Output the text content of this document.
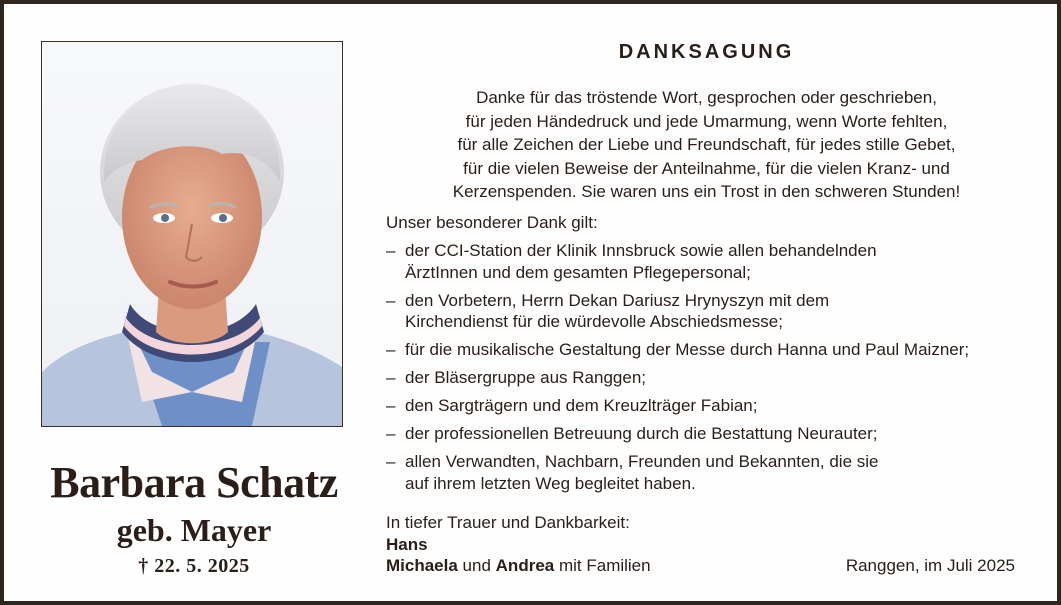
Barbara Schatz
geb. Mayer
† 22. 5. 2025
DANKSAGUNG
Danke für das tröstende Wort, gesprochen oder geschrieben,
für jeden Händedruck und jede Umarmung, wenn Worte fehlten,
für alle Zeichen der Liebe und Freundschaft, für jedes stille Gebet,
für die vielen Beweise der Anteilnahme, für die vielen Kranz- und
Kerzenspenden. Sie waren uns ein Trost in den schweren Stunden!
Unser besonderer Dank gilt:
– der CCI-Station der Klinik Innsbruck sowie allen behandelnden
ÄrztInnen und dem gesamten Pflegepersonal;
– den Vorbetern, Herrn Dekan Dariusz Hrynyszyn mit dem
Kirchendienst für die würdevolle Abschiedsmesse;
– für die musikalische Gestaltung der Messe durch Hanna und Paul Maizner;
– der Bläsergruppe aus Ranggen;
– den Sargträgern und dem Kreuzlträger Fabian;
– der professionellen Betreuung durch die Bestattung Neurauter;
– allen Verwandten, Nachbarn, Freunden und Bekannten, die sie
auf ihrem letzten Weg begleitet haben.
In tiefer Trauer und Dankbarkeit:
Hans
Michaela und Andrea mit Familien	Ranggen, im Juli 2025
